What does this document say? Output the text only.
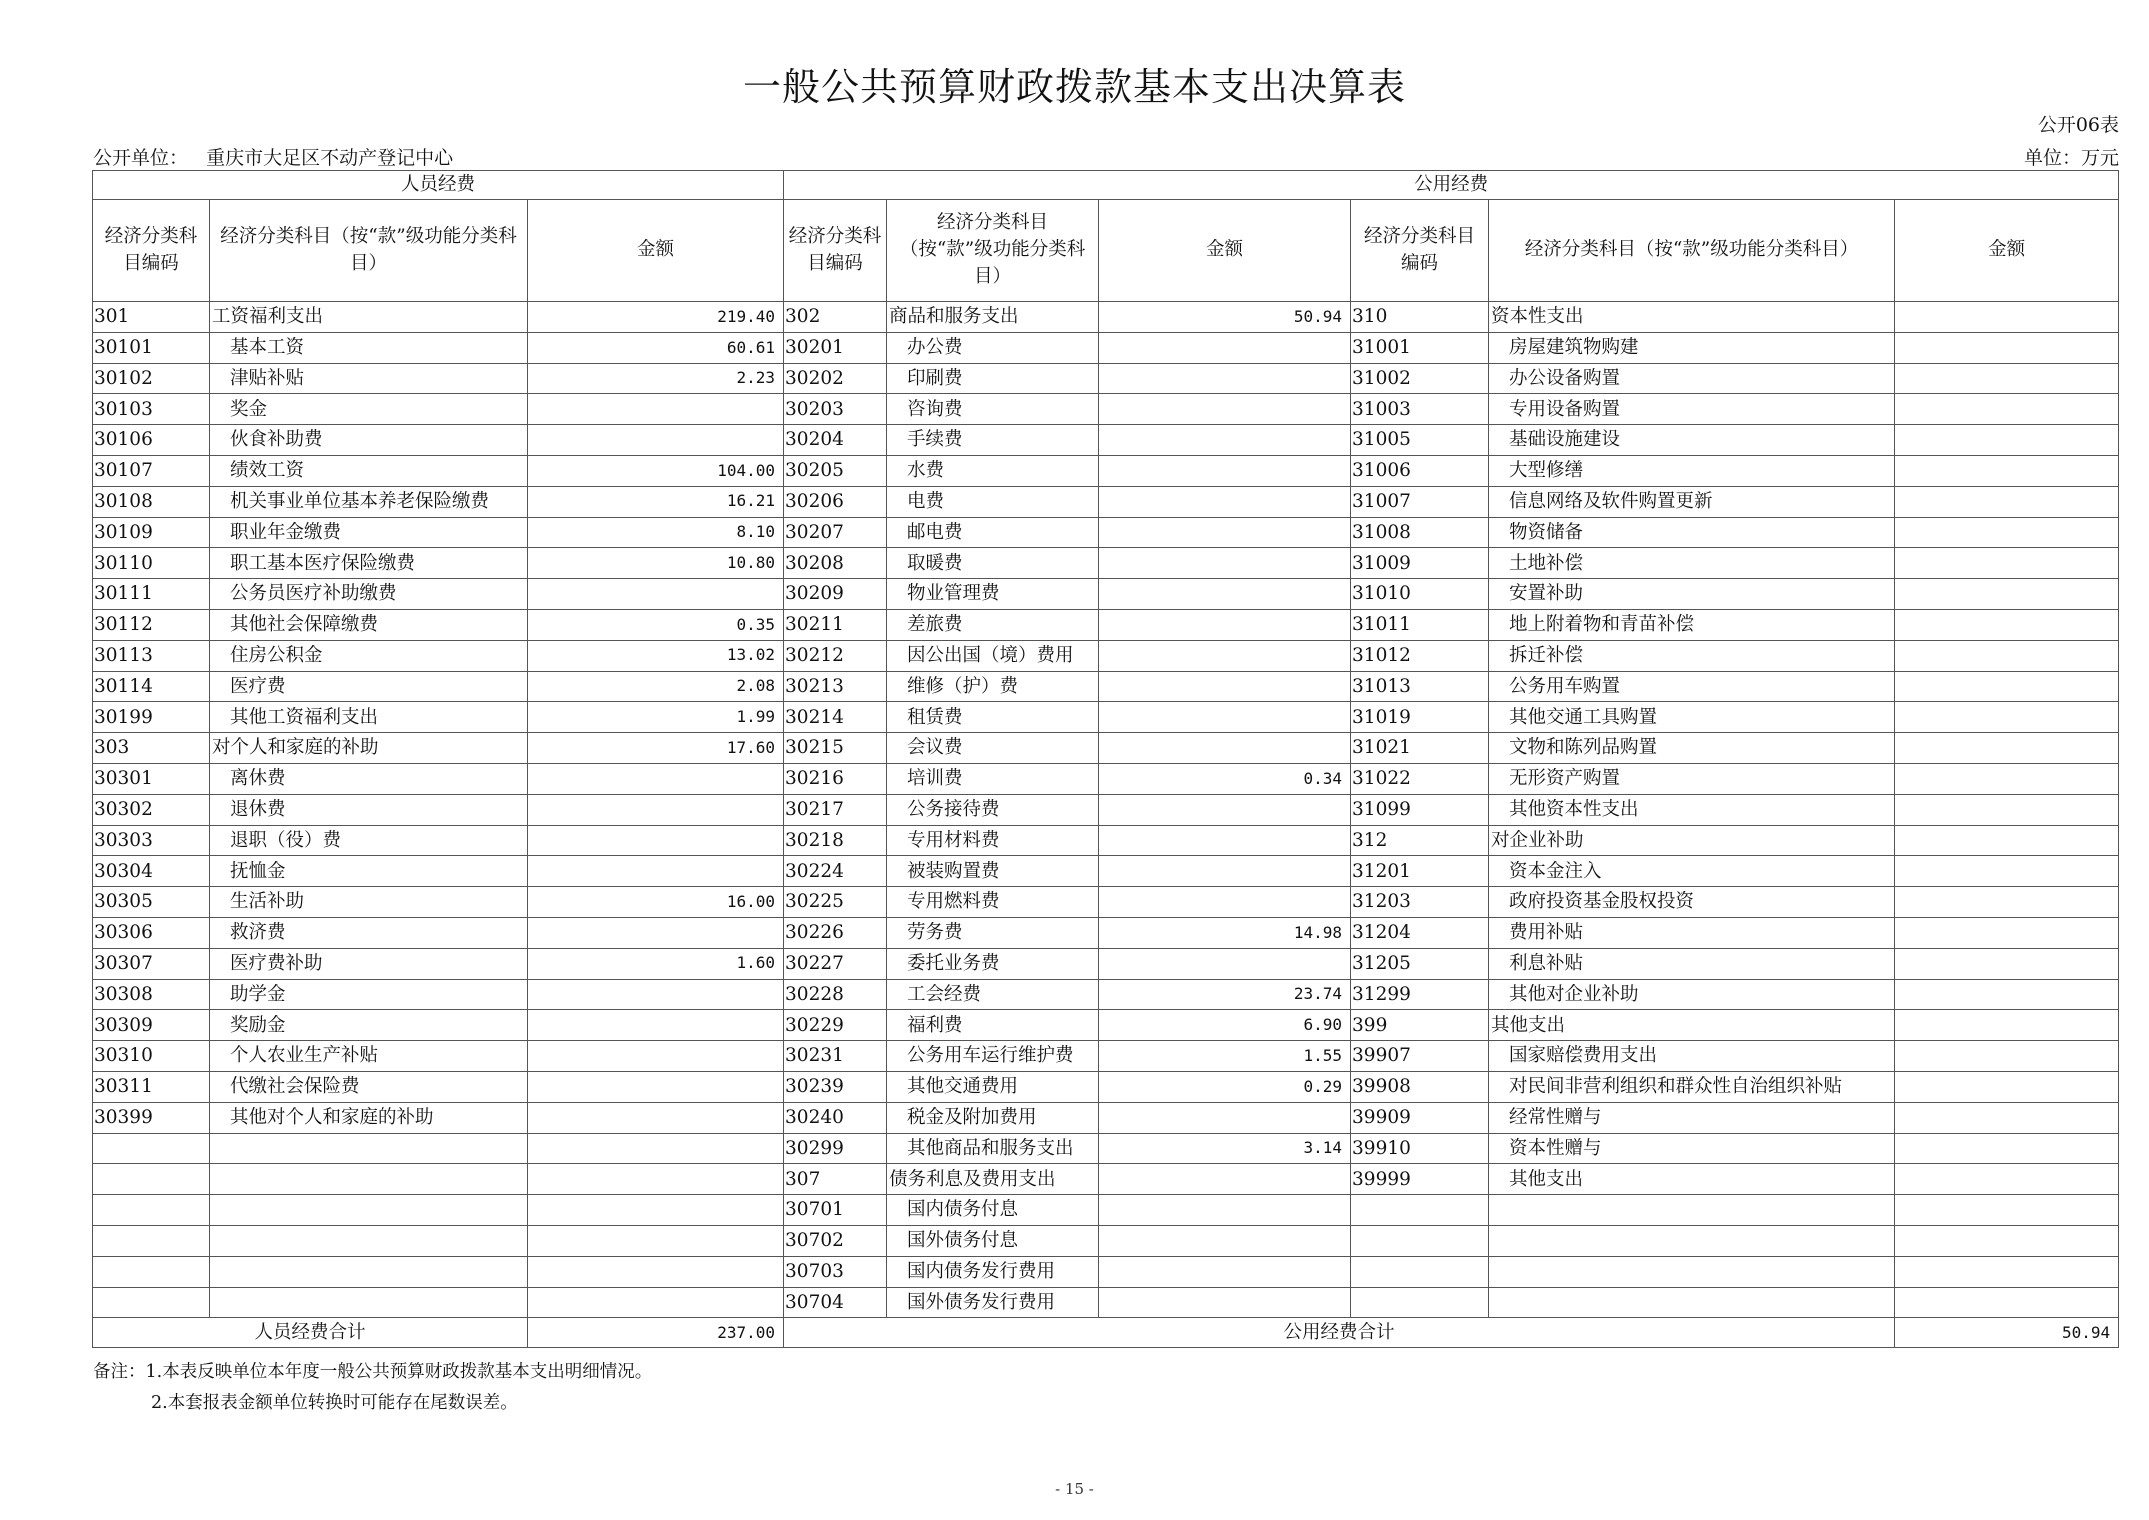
一般公共预算财政拨款基本支出决算表
公开06表
公开单位： 重庆市大足区不动产登记中心	单位：万元
人员经费			公用经费					
经济分类科目编码	经济分类科目（按“款”级功能分类科目）	金额	经济分类科目编码	经济分类科目（按“款”级功能分类科目）	金额	经济分类科目编码	经济分类科目（按“款”级功能分类科目）	金额
301	工资福利支出	219.40	302	商品和服务支出	50.94	310	资本性支出	
30101	基本工资	60.61	30201	办公费		31001	房屋建筑物购建	
30102	津贴补贴	2.23	30202	印刷费		31002	办公设备购置	
30103	奖金		30203	咨询费		31003	专用设备购置	
30106	伙食补助费		30204	手续费		31005	基础设施建设	
30107	绩效工资	104.00	30205	水费		31006	大型修缮	
30108	机关事业单位基本养老保险缴费	16.21	30206	电费		31007	信息网络及软件购置更新	
30109	职业年金缴费	8.10	30207	邮电费		31008	物资储备	
30110	职工基本医疗保险缴费	10.80	30208	取暖费		31009	土地补偿	
30111	公务员医疗补助缴费		30209	物业管理费		31010	安置补助	
30112	其他社会保障缴费	0.35	30211	差旅费		31011	地上附着物和青苗补偿	
30113	住房公积金	13.02	30212	因公出国（境）费用		31012	拆迁补偿	
30114	医疗费	2.08	30213	维修（护）费		31013	公务用车购置	
30199	其他工资福利支出	1.99	30214	租赁费		31019	其他交通工具购置	
303	对个人和家庭的补助	17.60	30215	会议费		31021	文物和陈列品购置	
30301	离休费		30216	培训费	0.34	31022	无形资产购置	
30302	退休费		30217	公务接待费		31099	其他资本性支出	
30303	退职（役）费		30218	专用材料费		312	对企业补助	
30304	抚恤金		30224	被装购置费		31201	资本金注入	
30305	生活补助	16.00	30225	专用燃料费		31203	政府投资基金股权投资	
30306	救济费		30226	劳务费	14.98	31204	费用补贴	
30307	医疗费补助	1.60	30227	委托业务费		31205	利息补贴	
30308	助学金		30228	工会经费	23.74	31299	其他对企业补助	
30309	奖励金		30229	福利费	6.90	399	其他支出	
30310	个人农业生产补贴		30231	公务用车运行维护费	1.55	39907	国家赔偿费用支出	
30311	代缴社会保险费		30239	其他交通费用	0.29	39908	对民间非营利组织和群众性自治组织补贴	
30399	其他对个人和家庭的补助		30240	税金及附加费用		39909	经常性赠与	
			30299	其他商品和服务支出	3.14	39910	资本性赠与	
			307	债务利息及费用支出		39999	其他支出	
			30701	国内债务付息				
			30702	国外债务付息				
			30703	国内债务发行费用				
			30704	国外债务发行费用				
人员经费合计		237.00	公用经费合计					50.94
备注：1.本表反映单位本年度一般公共预算财政拨款基本支出明细情况。
2.本套报表金额单位转换时可能存在尾数误差。
- 15 -
